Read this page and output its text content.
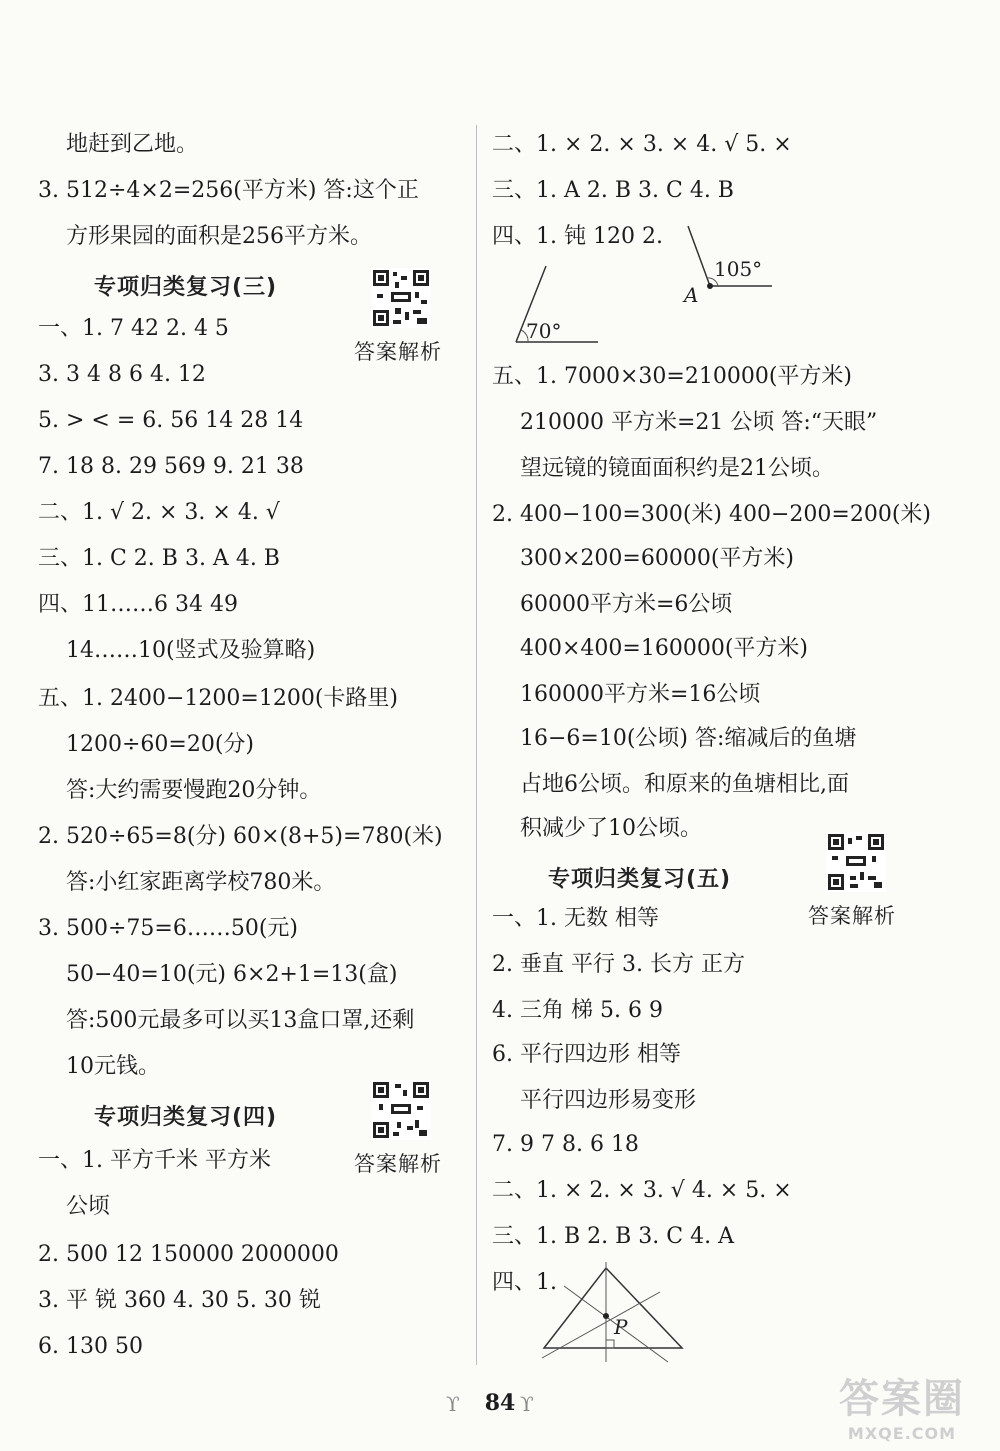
地赶到乙地。
3. 512÷4×2=256(平方米) 答:这个正
方形果园的面积是256平方米。
专项归类复习(三)
答案解析
一、1. 7 42 2. 4 5
3. 3 4 8 6 4. 12
5. > < = 6. 56 14 28 14
7. 18 8. 29 569 9. 21 38
二、1. √ 2. × 3. × 4. √
三、1. C 2. B 3. A 4. B
四、11……6 34 49
14……10(竖式及验算略)
五、1. 2400−1200=1200(卡路里)
1200÷60=20(分)
答:大约需要慢跑20分钟。
2. 520÷65=8(分) 60×(8+5)=780(米)
答:小红家距离学校780米。
3. 500÷75=6……50(元)
50−40=10(元) 6×2+1=13(盒)
答:500元最多可以买13盒口罩,还剩
10元钱。
专项归类复习(四)
答案解析
一、1. 平方千米 平方米
公顷
2. 500 12 150000 2000000
3. 平 锐 360 4. 30 5. 30 锐
6. 130 50
二、1. × 2. × 3. × 4. √ 5. ×
三、1. A 2. B 3. C 4. B
四、1. 钝 120 2.
105°
A
70°
五、1. 7000×30=210000(平方米)
210000 平方米=21 公顷 答:“天眼”
望远镜的镜面面积约是21公顷。
2. 400−100=300(米) 400−200=200(米)
300×200=60000(平方米)
60000平方米=6公顷
400×400=160000(平方米)
160000平方米=16公顷
16−6=10(公顷) 答:缩减后的鱼塘
占地6公顷。和原来的鱼塘相比,面
积减少了10公顷。
专项归类复习(五)
答案解析
一、1. 无数 相等
2. 垂直 平行 3. 长方 正方
4. 三角 梯 5. 6 9
6. 平行四边形 相等
平行四边形易变形
7. 9 7 8. 6 18
二、1. × 2. × 3. √ 4. × 5. ×
三、1. B 2. B 3. C 4. A
四、1.
P
ϒ	84 ϒ	答案圈
MXQE.COM
